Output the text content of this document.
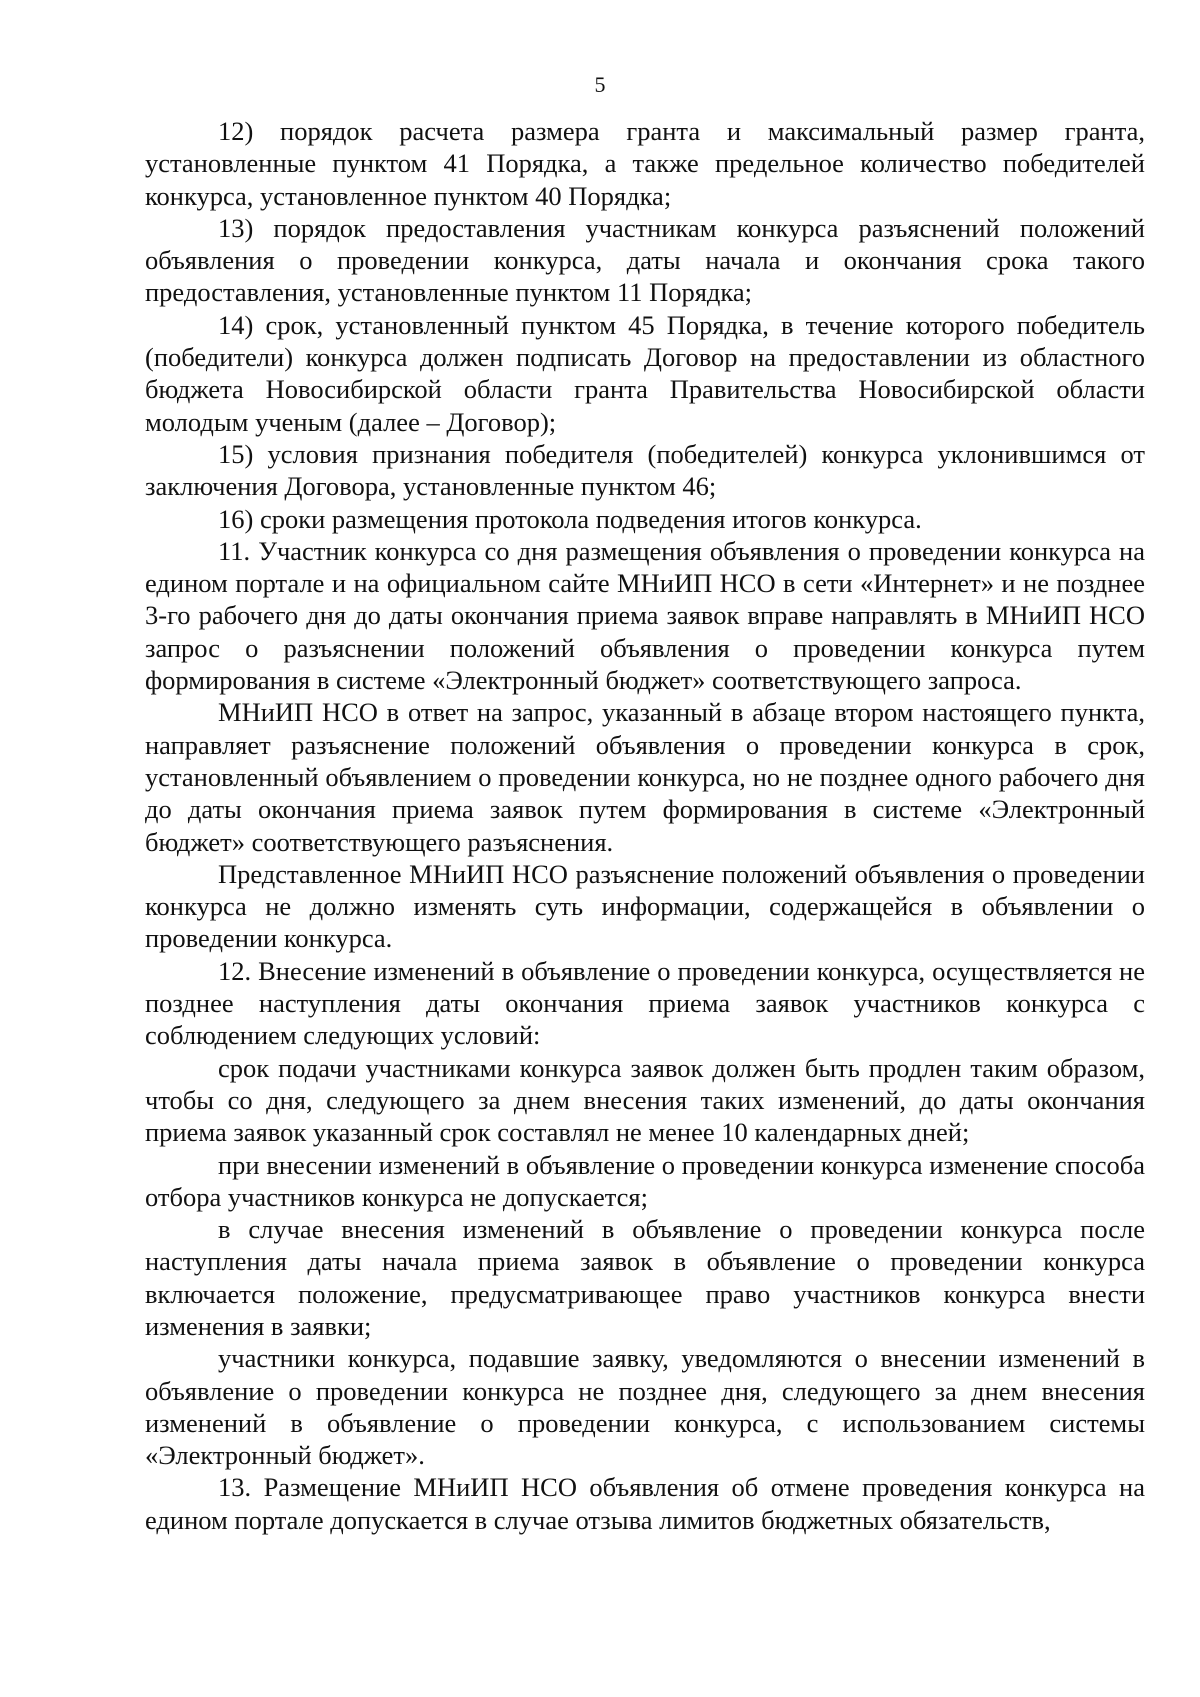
5

12) порядок расчета размера гранта и максимальный размер гранта, установленные пунктом 41 Порядка, а также предельное количество победителей конкурса, установленное пунктом 40 Порядка;

13) порядок предоставления участникам конкурса разъяснений положений объявления о проведении конкурса, даты начала и окончания срока такого предоставления, установленные пунктом 11 Порядка;

14) срок, установленный пунктом 45 Порядка, в течение которого победитель (победители) конкурса должен подписать Договор на предоставлении из областного бюджета Новосибирской области гранта Правительства Новосибирской области молодым ученым (далее – Договор);

15) условия признания победителя (победителей) конкурса уклонившимся от заключения Договора, установленные пунктом 46;

16) сроки размещения протокола подведения итогов конкурса.

11. Участник конкурса со дня размещения объявления о проведении конкурса на едином портале и на официальном сайте МНиИП НСО в сети «Интернет» и не позднее 3-го рабочего дня до даты окончания приема заявок вправе направлять в МНиИП НСО запрос о разъяснении положений объявления о проведении конкурса путем формирования в системе «Электронный бюджет» соответствующего запроса.

МНиИП НСО в ответ на запрос, указанный в абзаце втором настоящего пункта, направляет разъяснение положений объявления о проведении конкурса в срок, установленный объявлением о проведении конкурса, но не позднее одного рабочего дня до даты окончания приема заявок путем формирования в системе «Электронный бюджет» соответствующего разъяснения.

Представленное МНиИП НСО разъяснение положений объявления о проведении конкурса не должно изменять суть информации, содержащейся в объявлении о проведении конкурса.

12. Внесение изменений в объявление о проведении конкурса, осуществляется не позднее наступления даты окончания приема заявок участников конкурса с соблюдением следующих условий:

срок подачи участниками конкурса заявок должен быть продлен таким образом, чтобы со дня, следующего за днем внесения таких изменений, до даты окончания приема заявок указанный срок составлял не менее 10 календарных дней;

при внесении изменений в объявление о проведении конкурса изменение способа отбора участников конкурса не допускается;

в случае внесения изменений в объявление о проведении конкурса после наступления даты начала приема заявок в объявление о проведении конкурса включается положение, предусматривающее право участников конкурса внести изменения в заявки;

участники конкурса, подавшие заявку, уведомляются о внесении изменений в объявление о проведении конкурса не позднее дня, следующего за днем внесения изменений в объявление о проведении конкурса, с использованием системы «Электронный бюджет».

13. Размещение МНиИП НСО объявления об отмене проведения конкурса на едином портале допускается в случае отзыва лимитов бюджетных обязательств,
